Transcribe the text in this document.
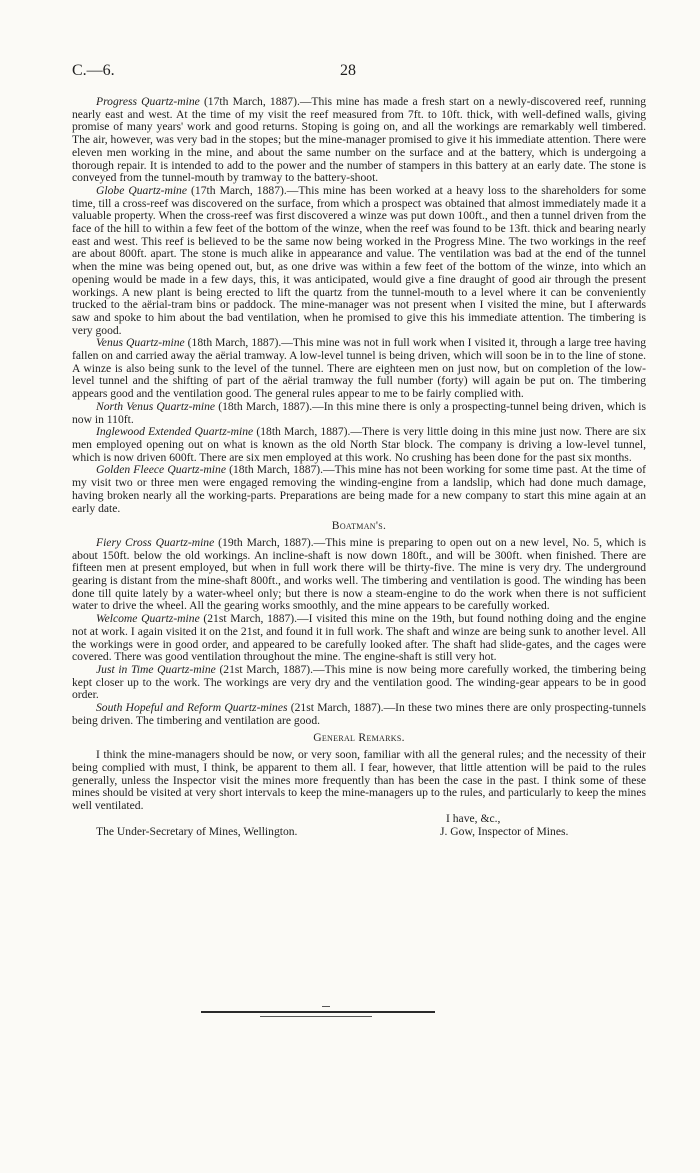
C.—6.	28

Progress Quartz-mine (17th March, 1887).—This mine has made a fresh start on a newly-discovered reef, running nearly east and west. At the time of my visit the reef measured from 7ft. to 10ft. thick, with well-defined walls, giving promise of many years' work and good returns. Stoping is going on, and all the workings are remarkably well timbered. The air, however, was very bad in the stopes; but the mine-manager promised to give it his immediate attention. There were eleven men working in the mine, and about the same number on the surface and at the battery, which is undergoing a thorough repair. It is intended to add to the power and the number of stampers in this battery at an early date. The stone is conveyed from the tunnel-mouth by tramway to the battery-shoot.

Globe Quartz-mine (17th March, 1887).—This mine has been worked at a heavy loss to the shareholders for some time, till a cross-reef was discovered on the surface, from which a prospect was obtained that almost immediately made it a valuable property. When the cross-reef was first discovered a winze was put down 100ft., and then a tunnel driven from the face of the hill to within a few feet of the bottom of the winze, when the reef was found to be 13ft. thick and bearing nearly east and west. This reef is believed to be the same now being worked in the Progress Mine. The two workings in the reef are about 800ft. apart. The stone is much alike in appearance and value. The ventilation was bad at the end of the tunnel when the mine was being opened out, but, as one drive was within a few feet of the bottom of the winze, into which an opening would be made in a few days, this, it was anticipated, would give a fine draught of good air through the present workings. A new plant is being erected to lift the quartz from the tunnel-mouth to a level where it can be conveniently trucked to the aërial-tram bins or paddock. The mine-manager was not present when I visited the mine, but I afterwards saw and spoke to him about the bad ventilation, when he promised to give this his immediate attention. The timbering is very good.

Venus Quartz-mine (18th March, 1887).—This mine was not in full work when I visited it, through a large tree having fallen on and carried away the aërial tramway. A low-level tunnel is being driven, which will soon be in to the line of stone. A winze is also being sunk to the level of the tunnel. There are eighteen men on just now, but on completion of the low-level tunnel and the shifting of part of the aërial tramway the full number (forty) will again be put on. The timbering appears good and the ventilation good. The general rules appear to me to be fairly complied with.

North Venus Quartz-mine (18th March, 1887).—In this mine there is only a prospecting-tunnel being driven, which is now in 110ft.

Inglewood Extended Quartz-mine (18th March, 1887).—There is very little doing in this mine just now. There are six men employed opening out on what is known as the old North Star block. The company is driving a low-level tunnel, which is now driven 600ft. There are six men employed at this work. No crushing has been done for the past six months.

Golden Fleece Quartz-mine (18th March, 1887).—This mine has not been working for some time past. At the time of my visit two or three men were engaged removing the winding-engine from a landslip, which had done much damage, having broken nearly all the working-parts. Preparations are being made for a new company to start this mine again at an early date.

Boatman's.

Fiery Cross Quartz-mine (19th March, 1887).—This mine is preparing to open out on a new level, No. 5, which is about 150ft. below the old workings. An incline-shaft is now down 180ft., and will be 300ft. when finished. There are fifteen men at present employed, but when in full work there will be thirty-five. The mine is very dry. The underground gearing is distant from the mine-shaft 800ft., and works well. The timbering and ventilation is good. The winding has been done till quite lately by a water-wheel only; but there is now a steam-engine to do the work when there is not sufficient water to drive the wheel. All the gearing works smoothly, and the mine appears to be carefully worked.

Welcome Quartz-mine (21st March, 1887).—I visited this mine on the 19th, but found nothing doing and the engine not at work. I again visited it on the 21st, and found it in full work. The shaft and winze are being sunk to another level. All the workings were in good order, and appeared to be carefully looked after. The shaft had slide-gates, and the cages were covered. There was good ventilation throughout the mine. The engine-shaft is still very hot.

Just in Time Quartz-mine (21st March, 1887).—This mine is now being more carefully worked, the timbering being kept closer up to the work. The workings are very dry and the ventilation good. The winding-gear appears to be in good order.

South Hopeful and Reform Quartz-mines (21st March, 1887).—In these two mines there are only prospecting-tunnels being driven. The timbering and ventilation are good.

General Remarks.

I think the mine-managers should be now, or very soon, familiar with all the general rules; and the necessity of their being complied with must, I think, be apparent to them all. I fear, however, that little attention will be paid to the rules generally, unless the Inspector visit the mines more frequently than has been the case in the past. I think some of these mines should be visited at very short intervals to keep the mine-managers up to the rules, and particularly to keep the mines well ventilated.

I have, &c.,
The Under-Secretary of Mines, Wellington.	J. Gow, Inspector of Mines.
